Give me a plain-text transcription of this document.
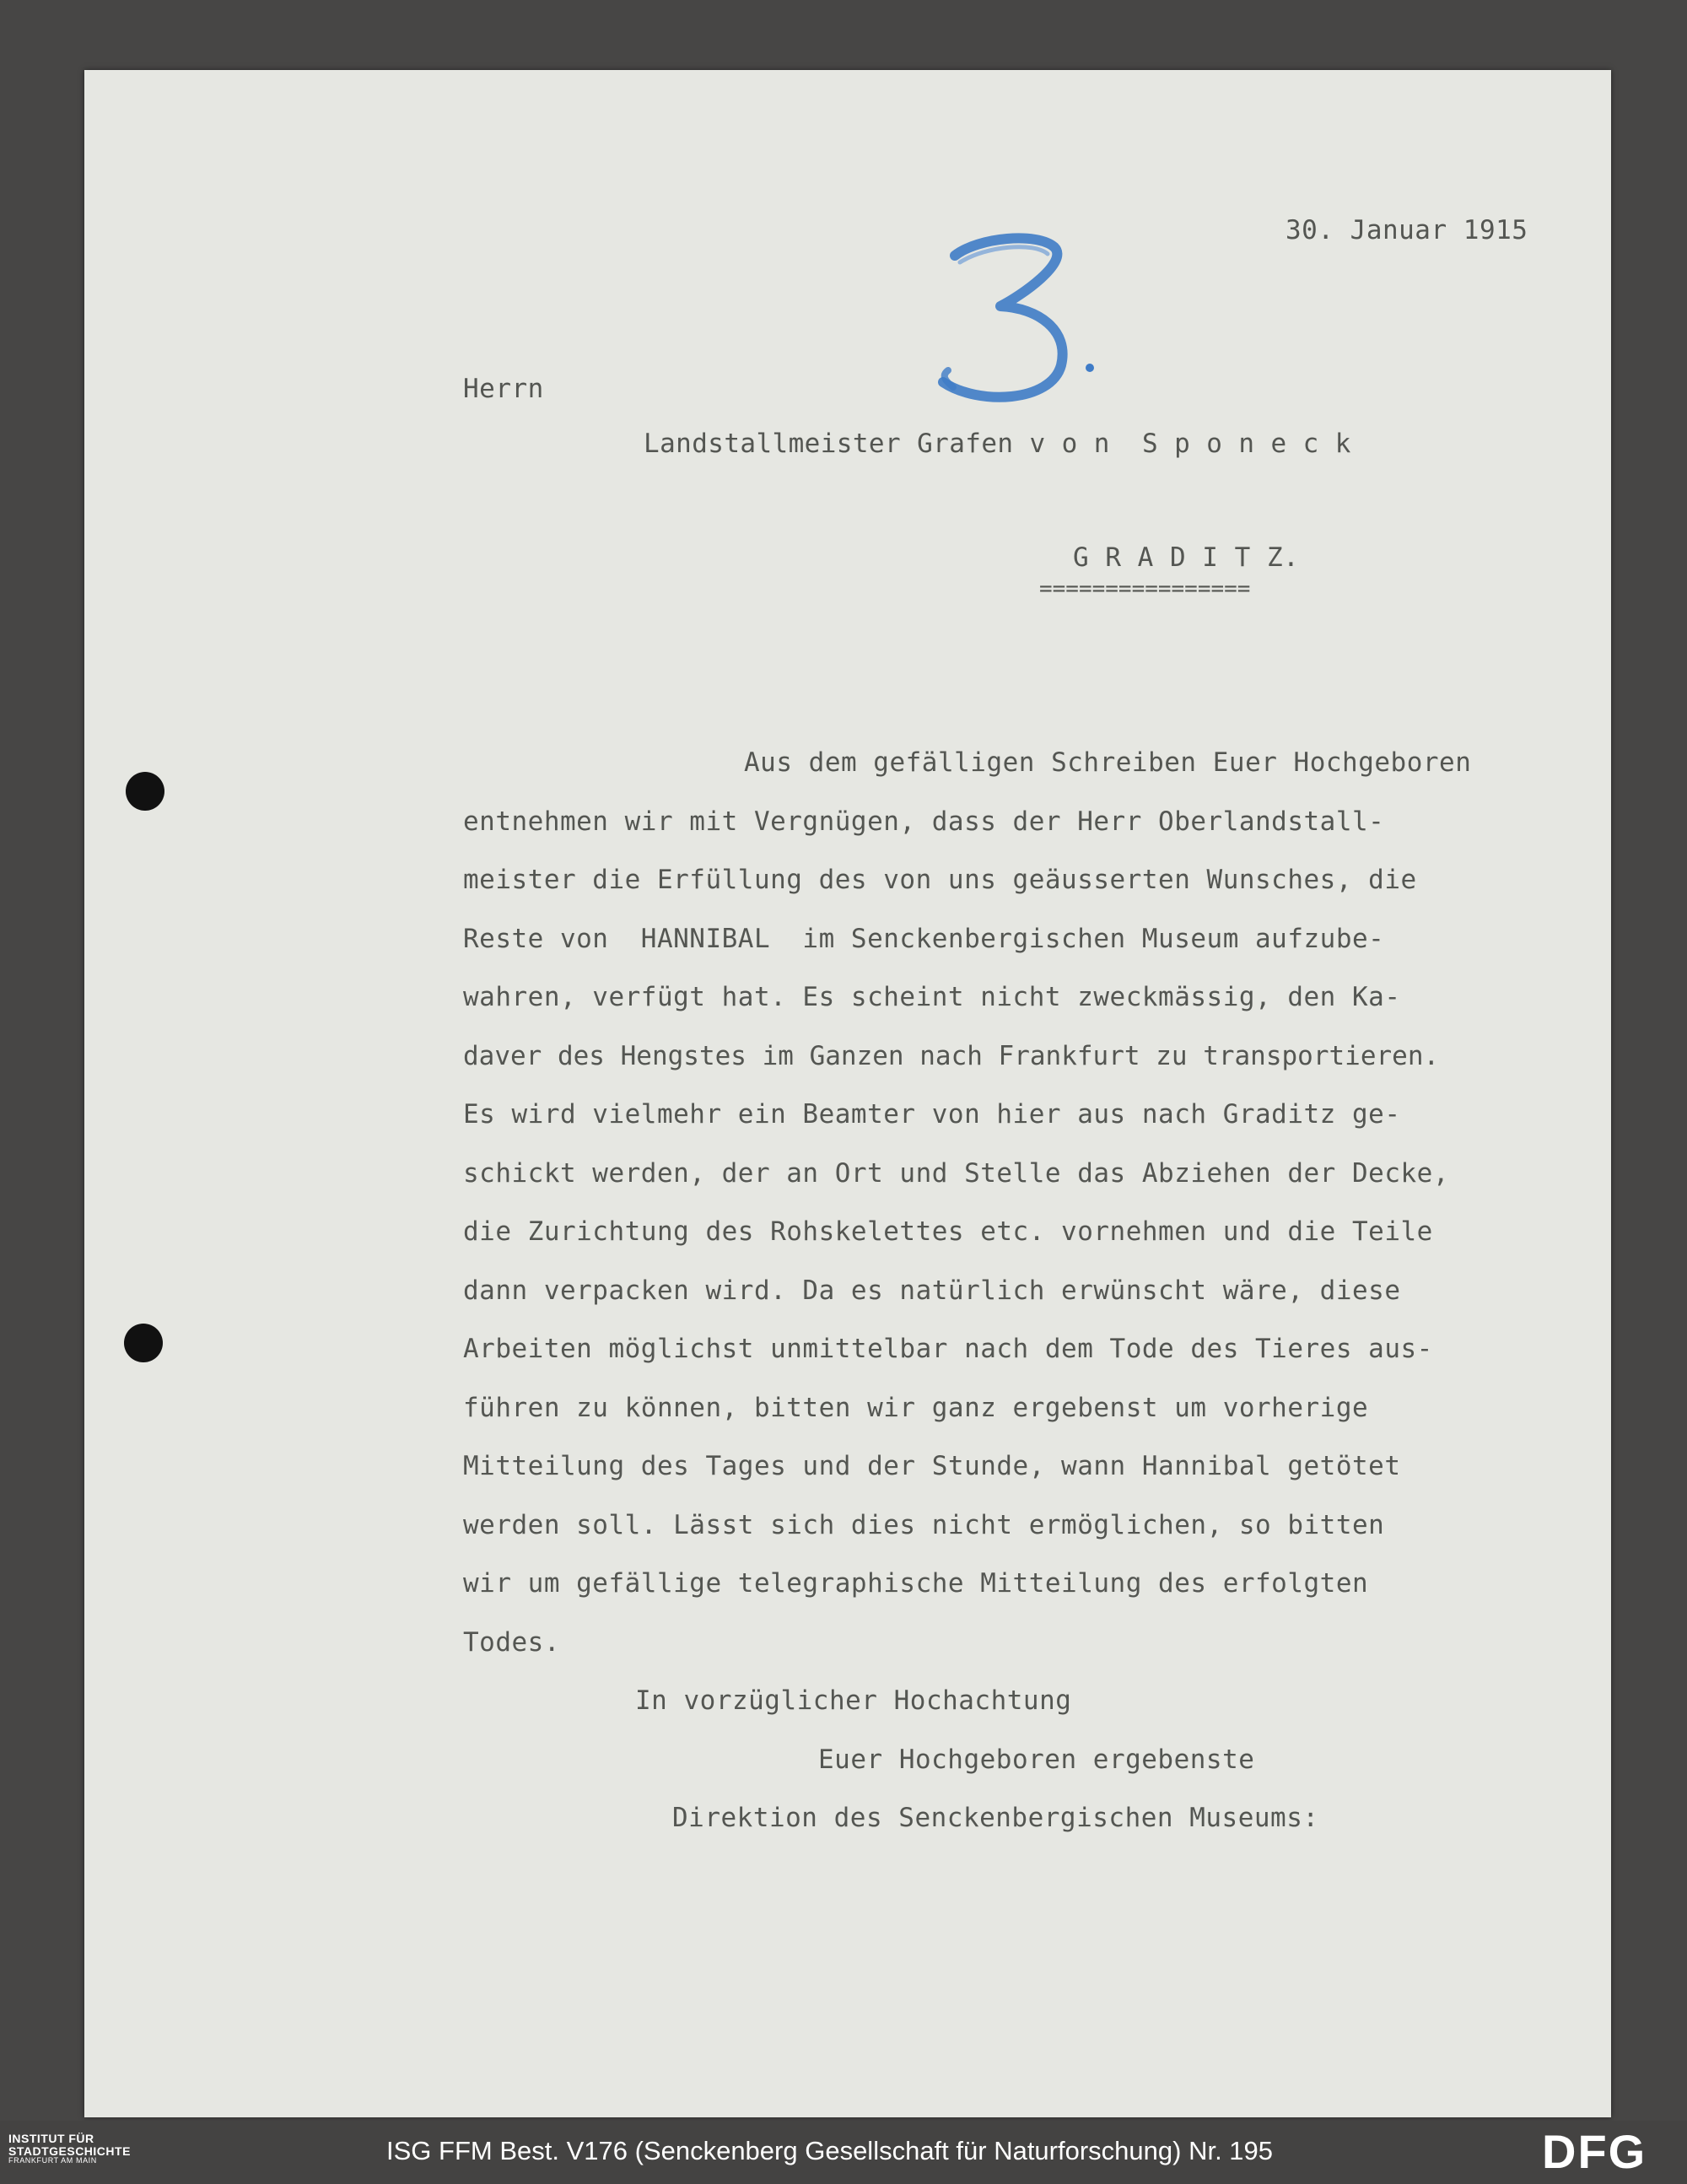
30. Januar 1915

Herrn

Landstallmeister Grafen v o n  S p o n e c k

G R A D I T Z.

================

Aus dem gefälligen Schreiben Euer Hochgeboren

entnehmen wir mit Vergnügen, dass der Herr Oberlandstall-

meister die Erfüllung des von uns geäusserten Wunsches, die

Reste von  HANNIBAL  im Senckenbergischen Museum aufzube-

wahren, verfügt hat. Es scheint nicht zweckmässig, den Ka-

daver des Hengstes im Ganzen nach Frankfurt zu transportieren.

Es wird vielmehr ein Beamter von hier aus nach Graditz ge-

schickt werden, der an Ort und Stelle das Abziehen der Decke,

die Zurichtung des Rohskelettes etc. vornehmen und die Teile

dann verpacken wird. Da es natürlich erwünscht wäre, diese

Arbeiten möglichst unmittelbar nach dem Tode des Tieres aus-

führen zu können, bitten wir ganz ergebenst um vorherige

Mitteilung des Tages und der Stunde, wann Hannibal getötet

werden soll. Lässt sich dies nicht ermöglichen, so bitten

wir um gefällige telegraphische Mitteilung des erfolgten

Todes.

In vorzüglicher Hochachtung

Euer Hochgeboren ergebenste

Direktion des Senckenbergischen Museums:

INSTITUT FÜR
STADTGESCHICHTE
FRANKFURT AM MAIN	ISG FFM Best. V176 (Senckenberg Gesellschaft für Naturforschung) Nr. 195	DFG
